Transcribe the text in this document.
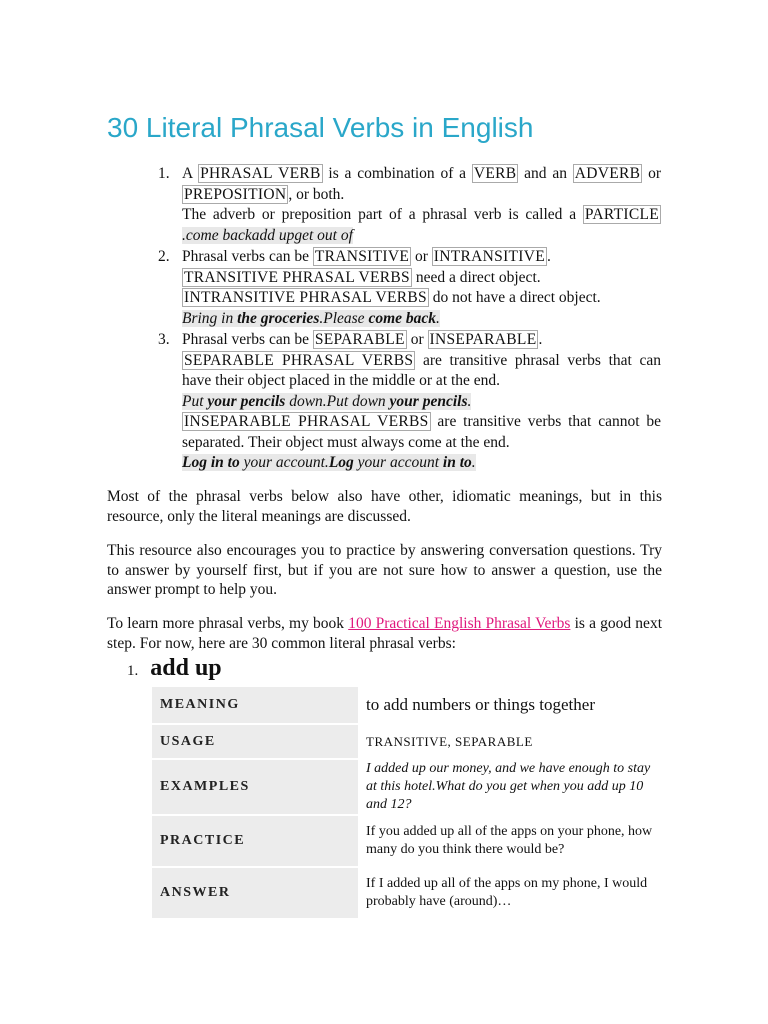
30 Literal Phrasal Verbs in English
1. A PHRASAL VERB is a combination of a VERB and an ADVERB or PREPOSITION , or both.
The adverb or preposition part of a phrasal verb is called a PARTICLE .come backadd upget out of
2. Phrasal verbs can be TRANSITIVE or INTRANSITIVE .
TRANSITIVE PHRASAL VERBS need a direct object.
INTRANSITIVE PHRASAL VERBS do not have a direct object.
Bring in the groceries.Please come back.
3. Phrasal verbs can be SEPARABLE or INSEPARABLE .
SEPARABLE PHRASAL VERBS are transitive phrasal verbs that can have their object placed in the middle or at the end.
Put your pencils down.Put down your pencils.
INSEPARABLE PHRASAL VERBS are transitive verbs that cannot be separated. Their object must always come at the end.
Log in to your account.Log your account in to.

Most of the phrasal verbs below also have other, idiomatic meanings, but in this resource, only the literal meanings are discussed.

This resource also encourages you to practice by answering conversation questions. Try to answer by yourself first, but if you are not sure how to answer a question, use the answer prompt to help you.

To learn more phrasal verbs, my book 100 Practical English Phrasal Verbs is a good next step. For now, here are 30 common literal phrasal verbs:

1. add up
MEANING	to add numbers or things together
USAGE	TRANSITIVE, SEPARABLE
EXAMPLES	I added up our money, and we have enough to stay at this hotel.What do you get when you add up 10 and 12?
PRACTICE	If you added up all of the apps on your phone, how many do you think there would be?
ANSWER	If I added up all of the apps on my phone, I would probably have (around)…
